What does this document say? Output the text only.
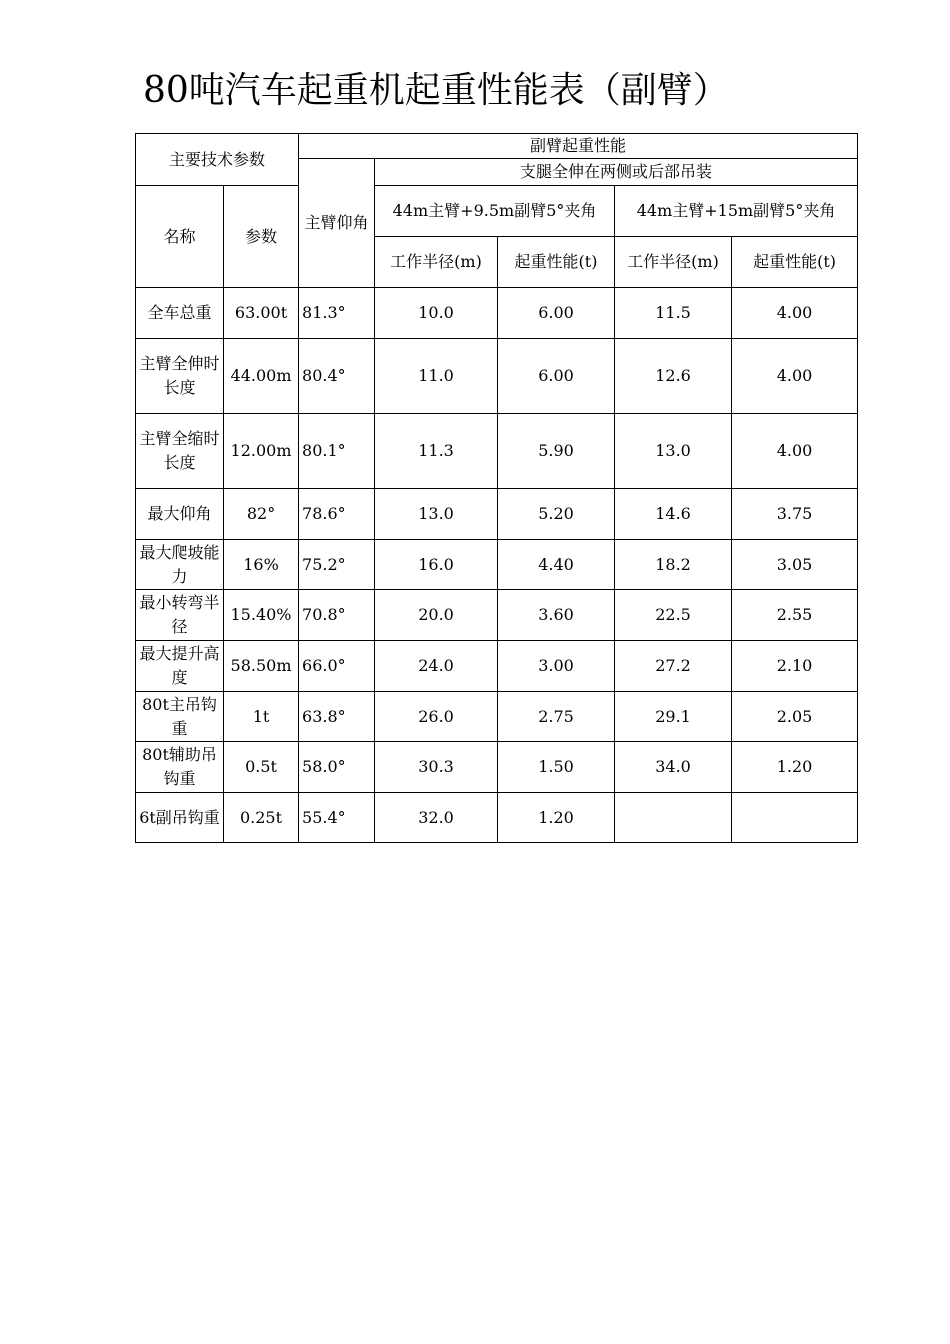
80吨汽车起重机起重性能表（副臂）
主要技术参数		副臂起重性能				
		主臂仰角	支腿全伸在两侧或后部吊装			
名称	参数		44m主臂+9.5m副臂5°夹角		44m主臂+15m副臂5°夹角	
			工作半径(m)	起重性能(t)	工作半径(m)	起重性能(t)
全车总重	63.00t	81.3°	10.0	6.00	11.5	4.00
主臂全伸时长度	44.00m	80.4°	11.0	6.00	12.6	4.00
主臂全缩时长度	12.00m	80.1°	11.3	5.90	13.0	4.00
最大仰角	82°	78.6°	13.0	5.20	14.6	3.75
最大爬坡能力	16%	75.2°	16.0	4.40	18.2	3.05
最小转弯半径	15.40%	70.8°	20.0	3.60	22.5	2.55
最大提升高度	58.50m	66.0°	24.0	3.00	27.2	2.10
80t主吊钩重	1t	63.8°	26.0	2.75	29.1	2.05
80t辅助吊钩重	0.5t	58.0°	30.3	1.50	34.0	1.20
6t副吊钩重	0.25t	55.4°	32.0	1.20		
